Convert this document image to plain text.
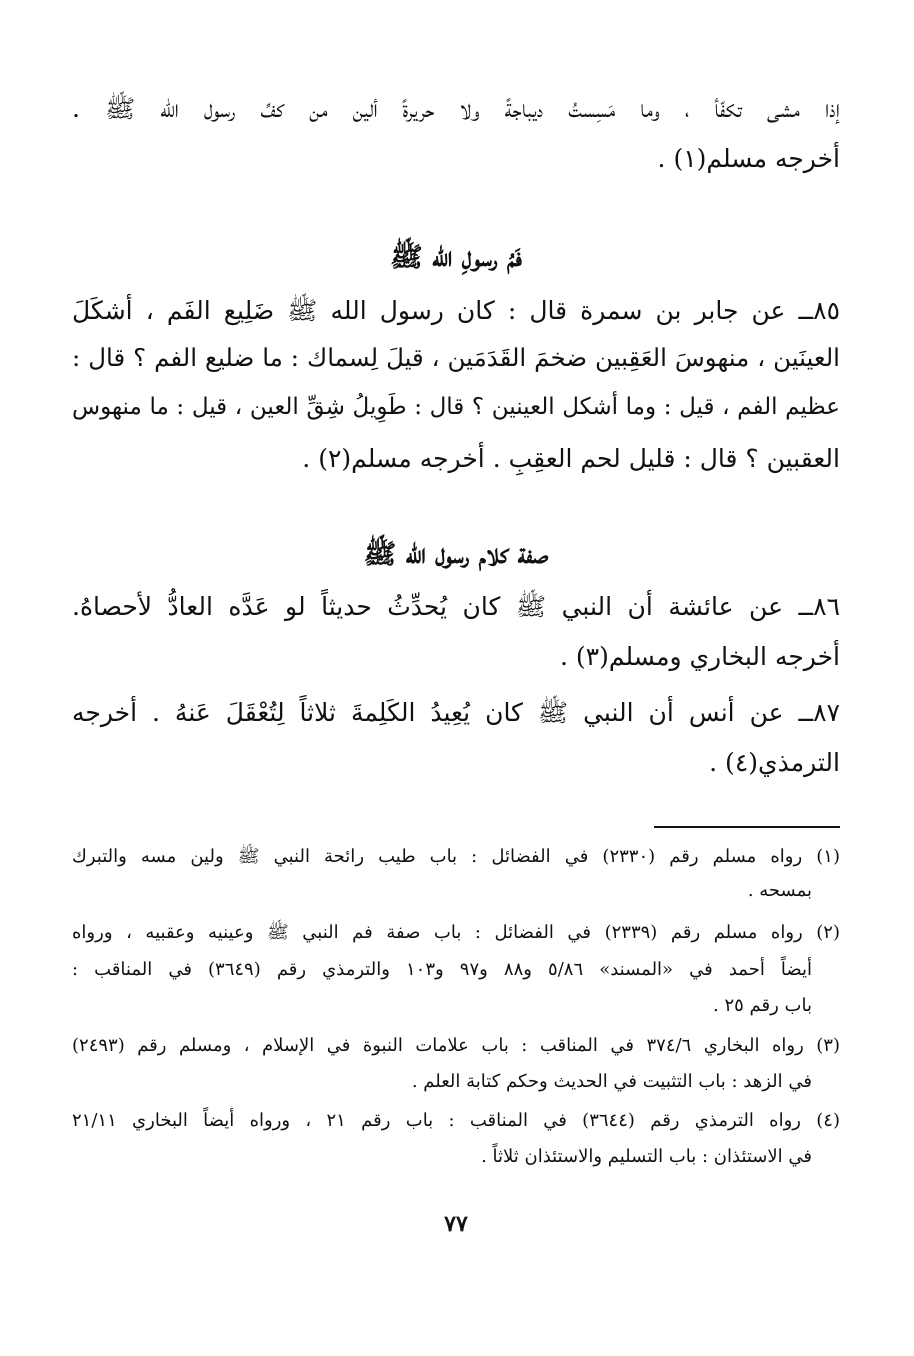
إذا مشى تكفّأ ، وما مَسِستُ ديباجةً ولا حريرةً ألين من كفِّ رسول الله ﷺ .
أخرجه مسلم(١) .
فَمُ رسولِ الله ﷺ
٨٥ــ عن جابر بن سمرة قال : كان رسول الله ﷺ ضَلِيع الفَم ، أشكَلَ
العينَين ، منهوسَ العَقِبين ضخمَ القَدَمَين ، قيلَ لِسماك : ما ضليع الفم ؟ قال :
عظيم الفم ، قيل : وما أشكل العينين ؟ قال : طَوِيلُ شِقِّ العين ، قيل : ما منهوس
العقبين ؟ قال : قليل لحم العقِبِ . أخرجه مسلم(٢) .
صفة كلام رسول الله ﷺ
٨٦ــ عن عائشة أن النبي ﷺ كان يُحدِّثُ حديثاً لو عَدَّه العادُّ لأحصاهُ.
أخرجه البخاري ومسلم(٣) .
٨٧ــ عن أنس أن النبي ﷺ كان يُعِيدُ الكَلِمةَ ثلاثاً لِتُعْقَلَ عَنهُ . أخرجه
الترمذي(٤) .
(١) رواه مسلم رقم (٢٣٣٠) في الفضائل : باب طيب رائحة النبي ﷺ ولين مسه والتبرك
بمسحه .
(٢) رواه مسلم رقم (٢٣٣٩) في الفضائل : باب صفة فم النبي ﷺ وعينيه وعقبيه ، ورواه
أيضاً أحمد في «المسند» ٥/٨٦ و٨٨ و٩٧ و١٠٣ والترمذي رقم (٣٦٤٩) في المناقب :
باب رقم ٢٥ .
(٣) رواه البخاري ٣٧٤/٦ في المناقب : باب علامات النبوة في الإسلام ، ومسلم رقم (٢٤٩٣)
في الزهد : باب التثبيت في الحديث وحكم كتابة العلم .
(٤) رواه الترمذي رقم (٣٦٤٤) في المناقب : باب رقم ٢١ ، ورواه أيضاً البخاري ٢١/١١
في الاستئذان : باب التسليم والاستئذان ثلاثاً .
٧٧
